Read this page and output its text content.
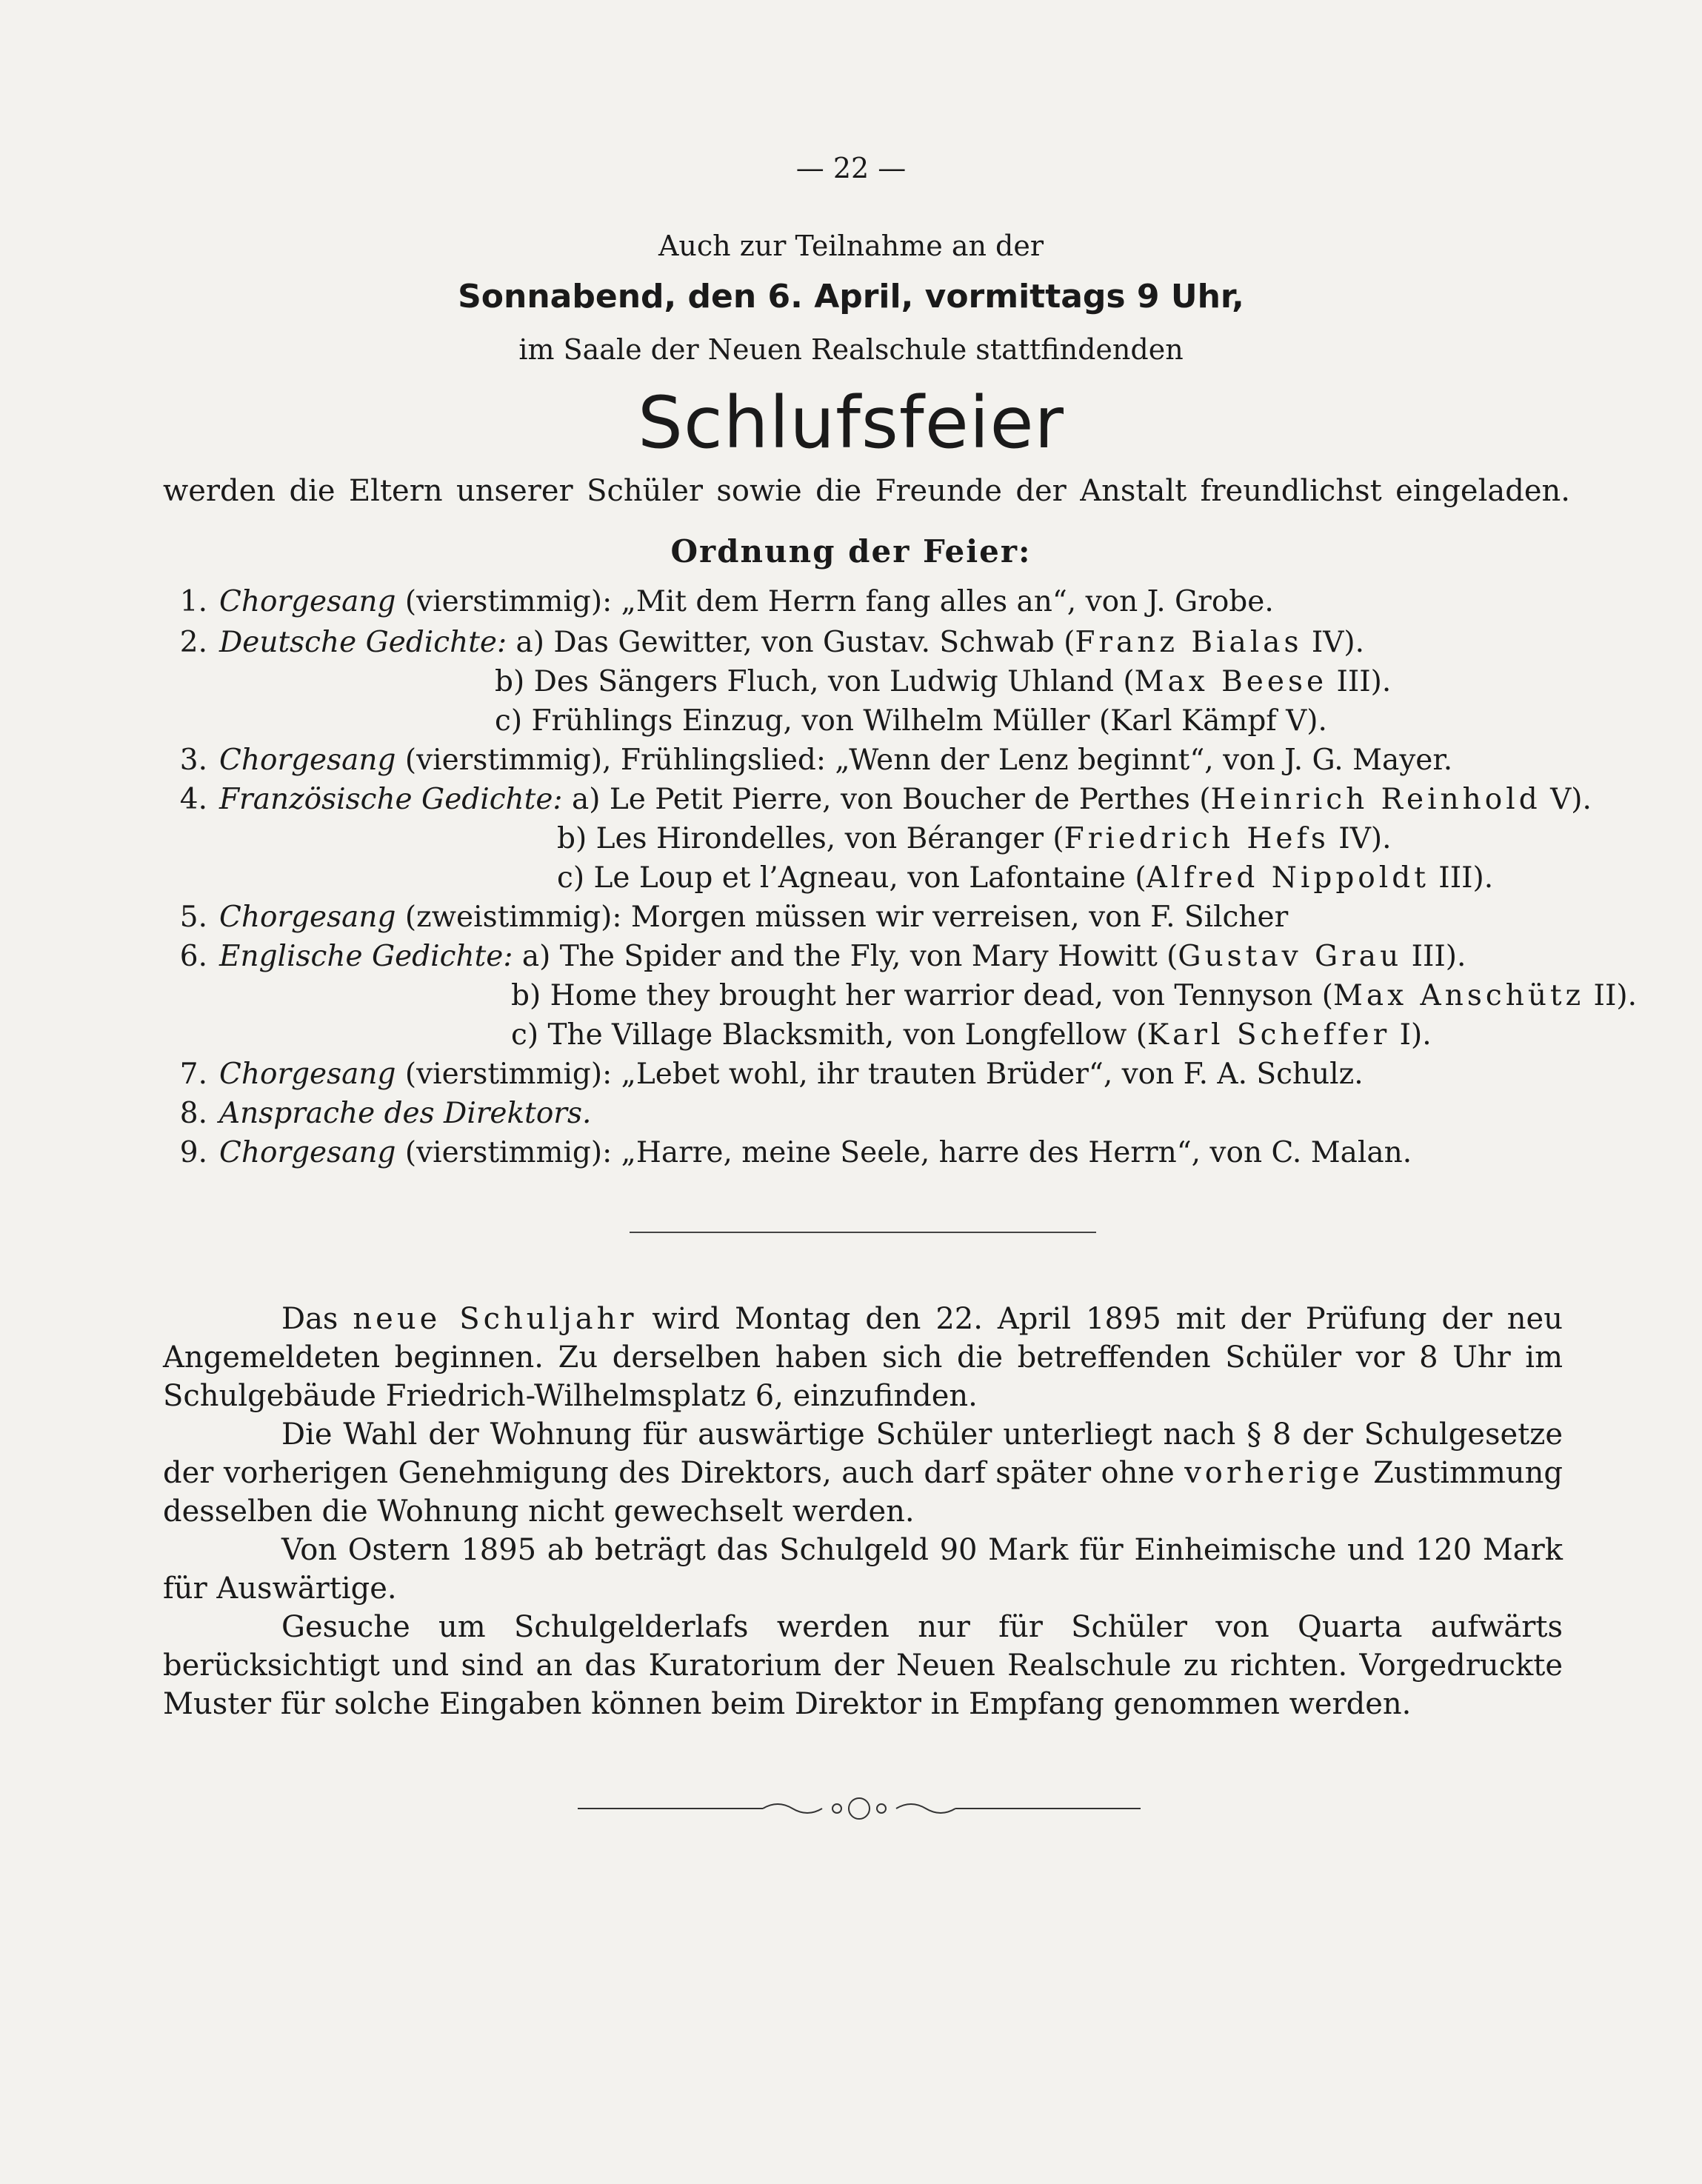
— 22 —
Auch zur Teilnahme an der
Sonnabend, den 6. April, vormittags 9 Uhr,
im Saale der Neuen Realschule stattfindenden
Schlufsfeier
werden die Eltern unserer Schüler sowie die Freunde der Anstalt freundlichst eingeladen.
Ordnung der Feier:
1. Chorgesang (vierstimmig): „Mit dem Herrn fang alles an“, von J. Grobe.
2. Deutsche Gedichte: a) Das Gewitter, von Gustav. Schwab (Franz Bialas IV).
b) Des Sängers Fluch, von Ludwig Uhland (Max Beese III).
c) Frühlings Einzug, von Wilhelm Müller (Karl Kämpf V).
3. Chorgesang (vierstimmig), Frühlingslied: „Wenn der Lenz beginnt“, von J. G. Mayer.
4. Französische Gedichte: a) Le Petit Pierre, von Boucher de Perthes (Heinrich Reinhold V).
b) Les Hirondelles, von Béranger (Friedrich Hefs IV).
c) Le Loup et l’Agneau, von Lafontaine (Alfred Nippoldt III).
5. Chorgesang (zweistimmig): Morgen müssen wir verreisen, von F. Silcher
6. Englische Gedichte: a) The Spider and the Fly, von Mary Howitt (Gustav Grau III).
b) Home they brought her warrior dead, von Tennyson (Max Anschütz II).
c) The Village Blacksmith, von Longfellow (Karl Scheffer I).
7. Chorgesang (vierstimmig): „Lebet wohl, ihr trauten Brüder“, von F. A. Schulz.
8. Ansprache des Direktors.
9. Chorgesang (vierstimmig): „Harre, meine Seele, harre des Herrn“, von C. Malan.

Das neue Schuljahr wird Montag den 22. April 1895 mit der Prüfung der neu Angemeldeten beginnen. Zu derselben haben sich die betreffenden Schüler vor 8 Uhr im Schulgebäude Friedrich-Wilhelmsplatz 6, einzufinden.

Die Wahl der Wohnung für auswärtige Schüler unterliegt nach § 8 der Schulgesetze der vorherigen Genehmigung des Direktors, auch darf später ohne vorherige Zustimmung desselben die Wohnung nicht gewechselt werden.

Von Ostern 1895 ab beträgt das Schulgeld 90 Mark für Einheimische und 120 Mark für Auswärtige.

Gesuche um Schulgelderlafs werden nur für Schüler von Quarta aufwärts berücksichtigt und sind an das Kuratorium der Neuen Realschule zu richten. Vorgedruckte Muster für solche Eingaben können beim Direktor in Empfang genommen werden.
